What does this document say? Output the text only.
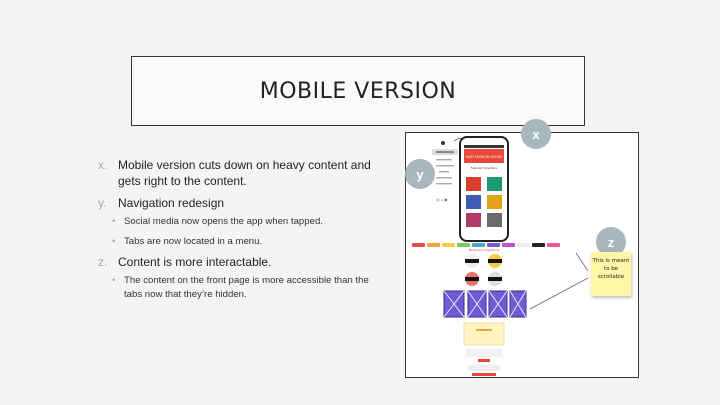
MOBILE VERSION
x. Mobile version cuts down on heavy content and gets right to the content.
y. Navigation redesign
• Social media now opens the app when tapped.
• Tabs are now located in a menu.
z. Content is more interactable.
• The content on the front page is more accessible than the tabs now that they’re hidden.
◎ ♫ ▶
EASY FASHION GOODS
Featured Collections
Featured Collections
x
y
z
This is meant to be scrollable
